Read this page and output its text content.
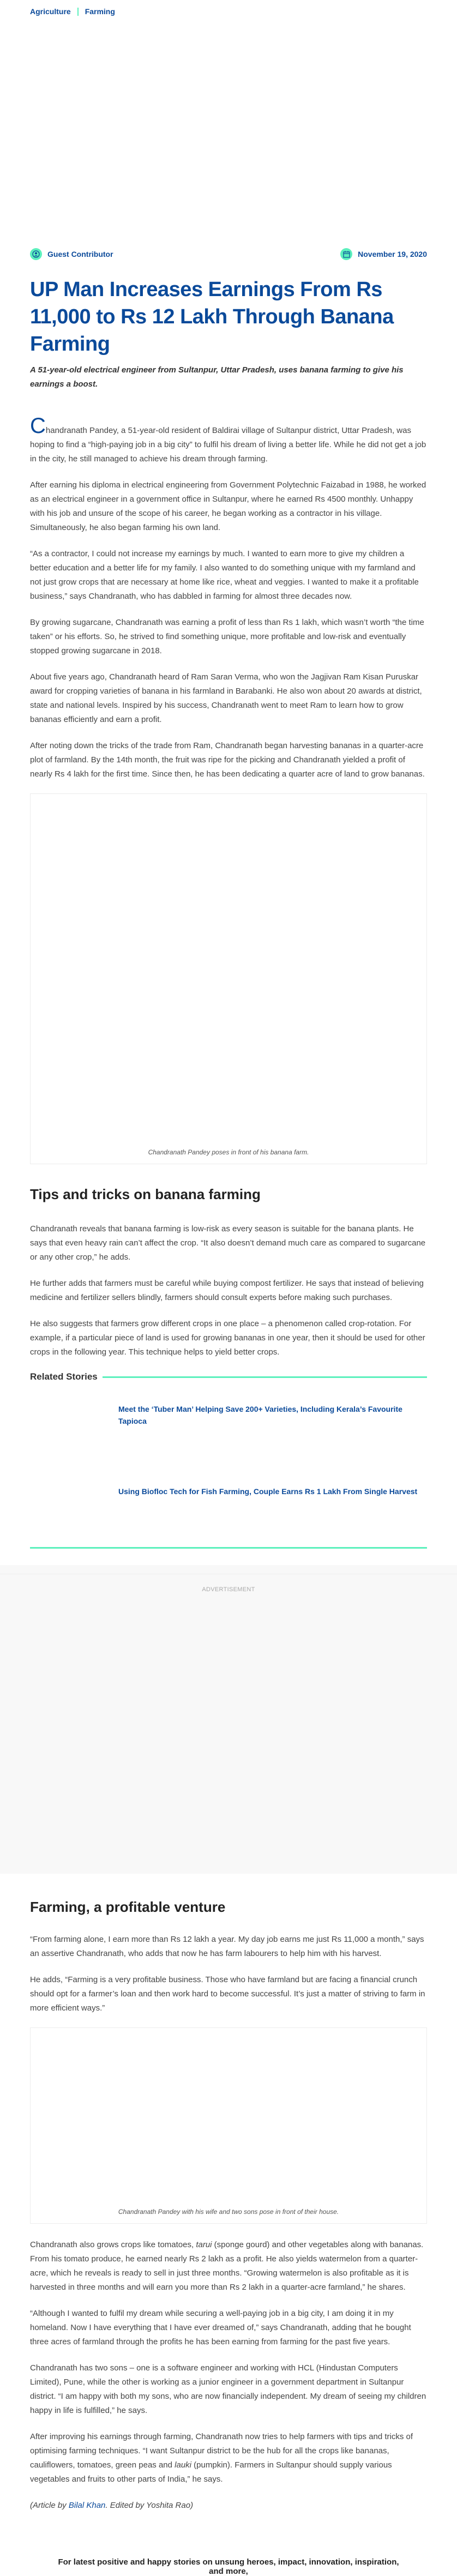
Agriculture Farming
Guest Contributor	November 19, 2020
UP Man Increases Earnings From Rs 11,000 to Rs 12 Lakh Through Banana Farming

A 51-year-old electrical engineer from Sultanpur, Uttar Pradesh, uses banana farming to give his earnings a boost.

Chandranath Pandey, a 51-year-old resident of Baldirai village of Sultanpur district, Uttar Pradesh, was hoping to find a “high-paying job in a big city” to fulfil his dream of living a better life. While he did not get a job in the city, he still managed to achieve his dream through farming.

After earning his diploma in electrical engineering from Government Polytechnic Faizabad in 1988, he worked as an electrical engineer in a government office in Sultanpur, where he earned Rs 4500 monthly. Unhappy with his job and unsure of the scope of his career, he began working as a contractor in his village. Simultaneously, he also began farming his own land.

“As a contractor, I could not increase my earnings by much. I wanted to earn more to give my children a better education and a better life for my family. I also wanted to do something unique with my farmland and not just grow crops that are necessary at home like rice, wheat and veggies. I wanted to make it a profitable business,” says Chandranath, who has dabbled in farming for almost three decades now.

By growing sugarcane, Chandranath was earning a profit of less than Rs 1 lakh, which wasn’t worth “the time taken” or his efforts. So, he strived to find something unique, more profitable and low-risk and eventually stopped growing sugarcane in 2018.

About five years ago, Chandranath heard of Ram Saran Verma, who won the Jagjivan Ram Kisan Puruskar award for cropping varieties of banana in his farmland in Barabanki. He also won about 20 awards at district, state and national levels. Inspired by his success, Chandranath went to meet Ram to learn how to grow bananas efficiently and earn a profit.

After noting down the tricks of the trade from Ram, Chandranath began harvesting bananas in a quarter-acre plot of farmland. By the 14th month, the fruit was ripe for the picking and Chandranath yielded a profit of nearly Rs 4 lakh for the first time. Since then, he has been dedicating a quarter acre of land to grow bananas.

Chandranath Pandey poses in front of his banana farm.
Tips and tricks on banana farming

Chandranath reveals that banana farming is low-risk as every season is suitable for the banana plants. He says that even heavy rain can’t affect the crop. “It also doesn’t demand much care as compared to sugarcane or any other crop,” he adds.

He further adds that farmers must be careful while buying compost fertilizer. He says that instead of believing medicine and fertilizer sellers blindly, farmers should consult experts before making such purchases.

He also suggests that farmers grow different crops in one place – a phenomenon called crop-rotation. For example, if a particular piece of land is used for growing bananas in one year, then it should be used for other crops in the following year. This technique helps to yield better crops.

Related Stories
Meet the ‘Tuber Man’ Helping Save 200+ Varieties, Including Kerala’s Favourite Tapioca
Using Biofloc Tech for Fish Farming, Couple Earns Rs 1 Lakh From Single Harvest
ADVERTISEMENT
Farming, a profitable venture

“From farming alone, I earn more than Rs 12 lakh a year. My day job earns me just Rs 11,000 a month,” says an assertive Chandranath, who adds that now he has farm labourers to help him with his harvest.

He adds, “Farming is a very profitable business. Those who have farmland but are facing a financial crunch should opt for a farmer’s loan and then work hard to become successful. It’s just a matter of striving to farm in more efficient ways.”

Chandranath Pandey with his wife and two sons pose in front of their house.

Chandranath also grows crops like tomatoes, tarui (sponge gourd) and other vegetables along with bananas. From his tomato produce, he earned nearly Rs 2 lakh as a profit. He also yields watermelon from a quarter-acre, which he reveals is ready to sell in just three months. “Growing watermelon is also profitable as it is harvested in three months and will earn you more than Rs 2 lakh in a quarter-acre farmland,” he shares.

“Although I wanted to fulfil my dream while securing a well-paying job in a big city, I am doing it in my homeland. Now I have everything that I have ever dreamed of,” says Chandranath, adding that he bought three acres of farmland through the profits he has been earning from farming for the past five years.

Chandranath has two sons – one is a software engineer and working with HCL (Hindustan Computers Limited), Pune, while the other is working as a junior engineer in a government department in Sultanpur district. “I am happy with both my sons, who are now financially independent. My dream of seeing my children happy in life is fulfilled,” he says.

After improving his earnings through farming, Chandranath now tries to help farmers with tips and tricks of optimising farming techniques. “I want Sultanpur district to be the hub for all the crops like bananas, cauliflowers, tomatoes, green peas and lauki (pumpkin). Farmers in Sultanpur should supply various vegetables and fruits to other parts of India,” he says.

(Article by Bilal Khan. Edited by Yoshita Rao)

For latest positive and happy stories on unsung heroes, impact, innovation, inspiration, and more,
